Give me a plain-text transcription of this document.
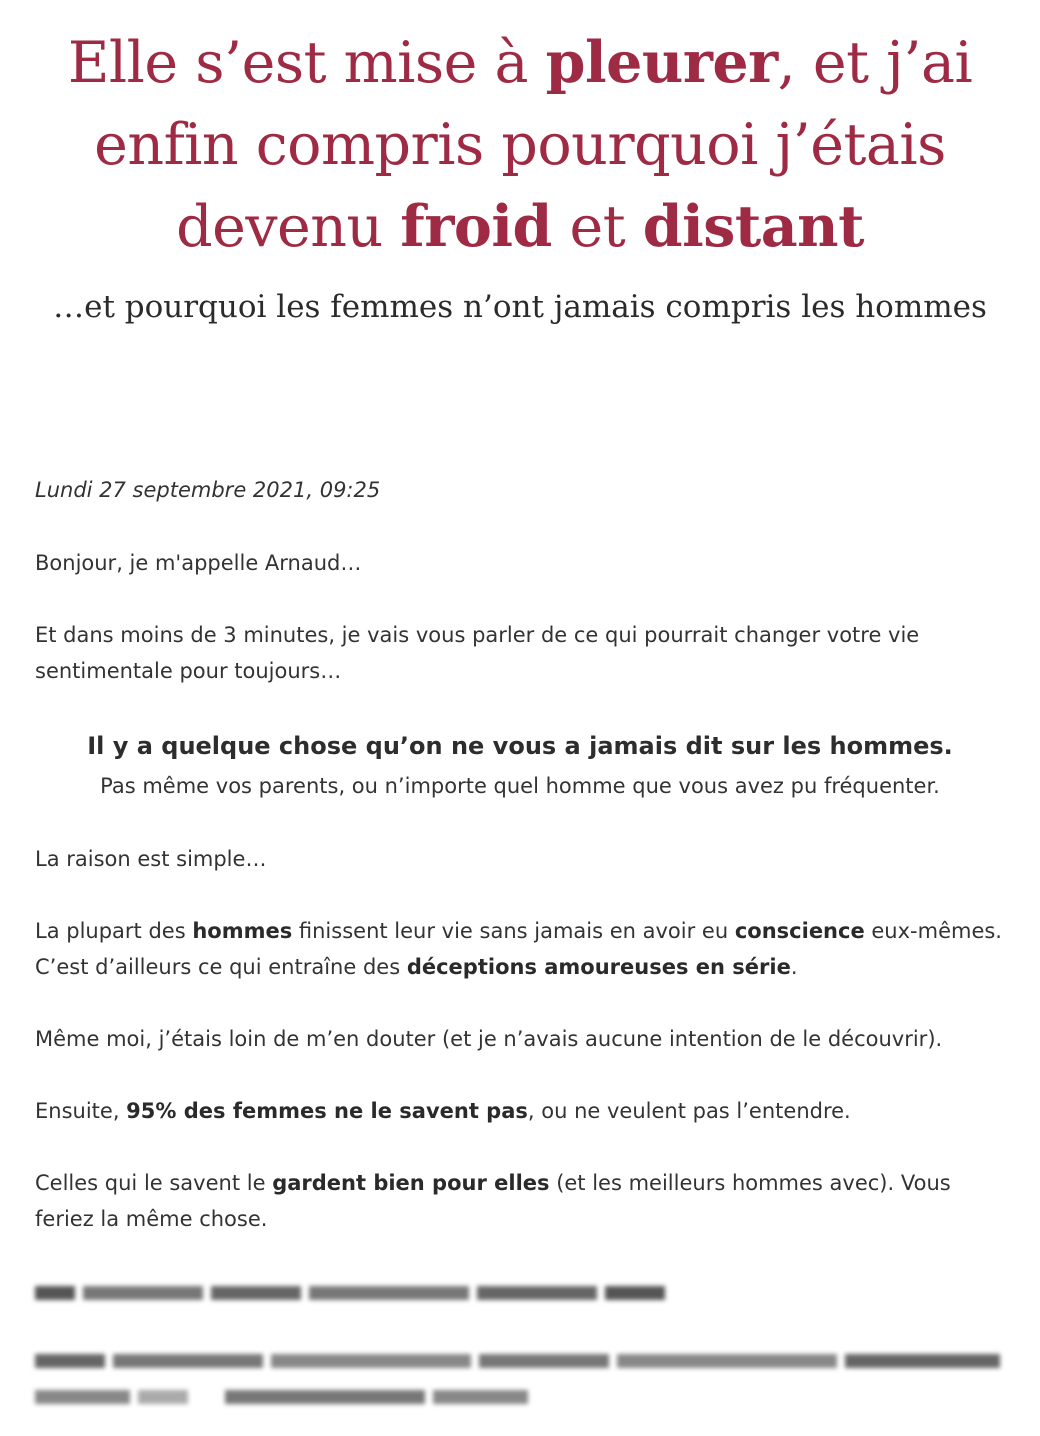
Elle s’est mise à pleurer, et j’ai enfin compris pourquoi j’étais devenu froid et distant

…et pourquoi les femmes n’ont jamais compris les hommes

Lundi 27 septembre 2021, 09:25

Bonjour, je m'appelle Arnaud…

Et dans moins de 3 minutes, je vais vous parler de ce qui pourrait changer votre vie sentimentale pour toujours…

Il y a quelque chose qu’on ne vous a jamais dit sur les hommes.

Pas même vos parents, ou n’importe quel homme que vous avez pu fréquenter.

La raison est simple…

La plupart des hommes finissent leur vie sans jamais en avoir eu conscience eux-mêmes. C’est d’ailleurs ce qui entraîne des déceptions amoureuses en série.

Même moi, j’étais loin de m’en douter (et je n’avais aucune intention de le découvrir).

Ensuite, 95% des femmes ne le savent pas, ou ne veulent pas l’entendre.

Celles qui le savent le gardent bien pour elles (et les meilleurs hommes avec). Vous feriez la même chose.
